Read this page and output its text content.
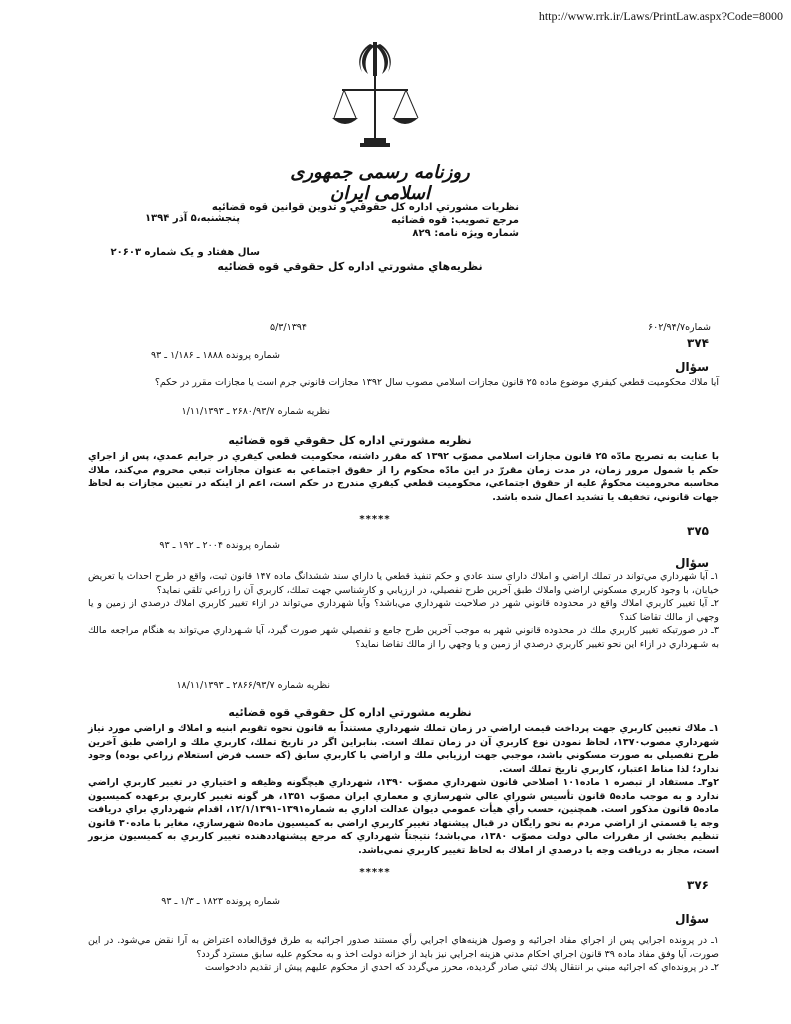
http://www.rrk.ir/Laws/PrintLaw.aspx?Code=8000
روزنامه رسمی جمهوری اسلامی ایران
نظريات مشورتي اداره كل حقوقي و تدوين قوانين قوه قضائيه
مرجع تصويب: قوه قضائيه
شماره ويژه نامه: ٨٢٩
پنجشنبه،۵ آذر ۱۳۹۴
سال هفتاد و یک شماره ۲۰۶۰۳
نظريه‌هاي مشورتي اداره كل حقوقي قوه قضائيه
شماره۶۰۲/۹۴/۷
۵/۳/۱۳۹۴
۳۷۴
شماره پرونده ۱۸۸۸ ـ ۱/۱۸۶ ـ ۹۳
سؤال
آيا ملاك محكوميت قطعي كيفري موضوع ماده ۲۵ قانون مجازات اسلامي مصوب سال ۱۳۹۲ مجازات قانوني جرم است يا مجازات مقرر در حكم؟
نظريه شماره ۲۶۸۰/۹۳/۷ ـ ۱/۱۱/۱۳۹۳
نظريه مشورتي اداره كل حقوقي قوه قضائيه
با عنايت به تصريح مادّه ۲۵ قانون مجازات اسلامي مصوّب ۱۳۹۲ كه مقرر داشته، محكوميت قطعي كيفري در جرايم عمدي، پس از اجراي حكم يا شمول مرور زمان، در مدت زمان مقررّ در اين مادّه محكوم را از حقوق اجتماعي به عنوان مجازات تبعي محروم مي‌كند، ملاك محاسبه محروميت محكومٌ عليه از حقوق اجتماعي، محكوميت قطعي كيفري مندرج در حكم است، اعم از اينكه در تعيين مجازات به لحاظ جهات قانوني، تخفيف يا تشديد اعمال شده باشد.
*****
۳۷۵
شماره پرونده ۲۰۰۴ ـ ۱۹۲ ـ ۹۳
سؤال

۱ـ آيا شهرداري مي‌تواند در تملك اراضي و املاك داراي سند عادي و حكم تنفيذ قطعي يا داراي سند ششدانگ ماده ۱۴۷ قانون ثبت، واقع در طرح احداث يا تعريض خيابان، با وجود كاربري مسكوني اراضي واملاك طبق آخرين طرح تفصيلي، در ارزيابي و كارشناسي جهت تملك، كاربري آن را زراعي تلقي نمايد؟

۲ـ آيا تغيير كاربري املاك واقع در محدوده قانوني شهر در صلاحيت شهرداري مي‌باشد؟ وآيا شهرداري مي‌تواند در ازاء تغيير كاربري املاك درصدي از زمين و يا وجهي از مالك تقاضا كند؟

۳ـ در صورتيكه تغيير كاربري ملك در محدوده قانوني شهر به موجب آخرين طرح جامع و تفصيلي شهر صورت گيرد، آيا شـهرداري مي‌تواند به هنگام مراجعه مالك به شـهرداري در ازاء اين نحو تغيير كاربري درصدي از زمين و يا وجهي را از مالك تقاضا نمايد؟

نظريه شماره ۲۸۶۶/۹۳/۷ ـ ۱۸/۱۱/۱۳۹۳
نظريه مشورتي اداره كل حقوقي قوه قضائيه

۱ـ ملاك تعيين كاربري جهت پرداخت قيمت اراضي در زمان تملك شهرداري مستنداً به قانون نحوه تقويم ابنيه و املاك و اراضي مورد نياز شهرداري مصوب۱۳۷۰، لحاظ نمودن نوع كاربري آن در زمان تملك است. بنابراين اگر در تاريخ تملك، كاربري ملك و اراضي طبق آخرين طرح تفصيلي به صورت مسكوني باشد، موجبي جهت ارزيابي ملك و اراضي با كاربري سابق (كه حسب فرض استعلام زراعي بوده) وجود ندارد؛ لذا مناط اعتبار، كاربري تاريخ تملك است.

۲و۳ـ مستفاد از تبصره ۱ ماده۱۰۱ اصلاحي قانون شهرداري مصوّب ۱۳۹۰، شهرداري هيچگونه وظيفه و اختياري در تغيير كاربري اراضي ندارد و به موجب ماده۵ قانون تأسيس شوراي عالي شهرسازي و معماري ايران مصوّب ۱۳۵۱، هر گونه تغيير كاربري برعهده كميسيون ماده۵ قانون مذكور است. همچنين، حسب رأي هيأت عمومي ديوان عدالت اداري به شماره۱۳۹۱-۱۲/۱/۱۳۹۱، اقدام شهرداري براي دريافت وجه يا قسمتي از اراضي مردم به نحو رايگان در قبال پيشنهاد تغيير كاربري اراضي به كميسيون ماده۵ شهرسازي، مغاير با ماده۳۰ قانون تنظيم بخشي از مقررات مالي دولت مصوّب ۱۳۸۰، مي‌باشد؛ نتيجتاً شهرداري كه مرجع پيشنهاددهنده تغيير كاربري به كميسيون مزبور است، مجاز به دريافت وجه يا درصدي از املاك به لحاظ تغيير كاربري نمي‌باشد.

*****
۳۷۶
شماره پرونده ۱۸۲۳ ـ ۱/۳ ـ ۹۳
سؤال

۱ـ در پرونده اجرايي پس از اجراي مفاد اجرائيه و وصول هزينه‌هاي اجرايي رأي مستند صدور اجرائيه به طرق فوق‌العاده اعتراض به آرا نقض مي‌شود. در اين صورت، آيا وفق مفاد ماده ۳۹ قانون اجراي احكام مدني هزينه اجرايي نيز بايد از خزانه دولت اخذ و به محكوم عليه سابق مسترد گردد؟

۲ـ در پرونده‌اي كه اجرائيه مبني بر انتقال پلاك ثبتي صادر گرديده، محرز مي‌گردد كه احدي از محكوم عليهم پيش از تقديم دادخواست
